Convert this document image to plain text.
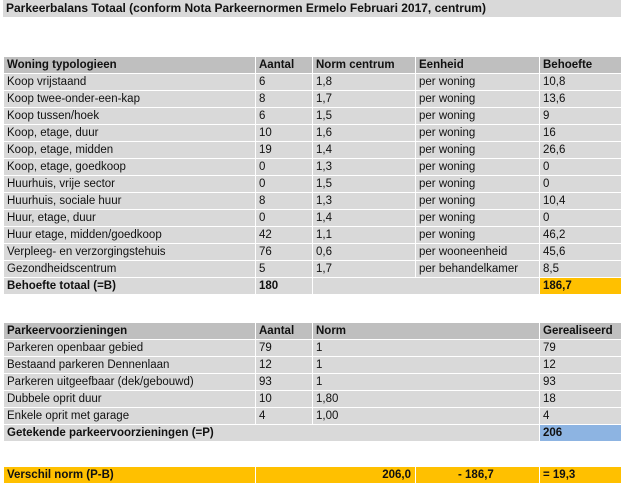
Parkeerbalans Totaal (conform Nota Parkeernormen Ermelo Februari 2017, centrum)
Woning typologieen	Aantal	Norm centrum	Eenheid	Behoefte
Koop vrijstaand	6	1,8	per woning	10,8
Koop twee-onder-een-kap	8	1,7	per woning	13,6
Koop tussen/hoek	6	1,5	per woning	9
Koop, etage, duur	10	1,6	per woning	16
Koop, etage, midden	19	1,4	per woning	26,6
Koop, etage, goedkoop	0	1,3	per woning	0
Huurhuis, vrije sector	0	1,5	per woning	0
Huurhuis, sociale huur	8	1,3	per woning	10,4
Huur, etage, duur	0	1,4	per woning	0
Huur etage, midden/goedkoop	42	1,1	per woning	46,2
Verpleeg- en verzorgingstehuis	76	0,6	per wooneenheid	45,6
Gezondheidscentrum	5	1,7	per behandelkamer	8,5
Behoefte totaal (=B)	180			186,7
Parkeervoorzieningen	Aantal	Norm	Gerealiseerd
Parkeren openbaar gebied	79	1	79
Bestaand parkeren Dennenlaan	12	1	12
Parkeren uitgeefbaar (dek/gebouwd)	93	1	93
Dubbele oprit duur	10	1,80	18
Enkele oprit met garage	4	1,00	4
Getekende parkeervoorzieningen (=P)			206
Verschil norm (P-B)	206,0	- 186,7	= 19,3
